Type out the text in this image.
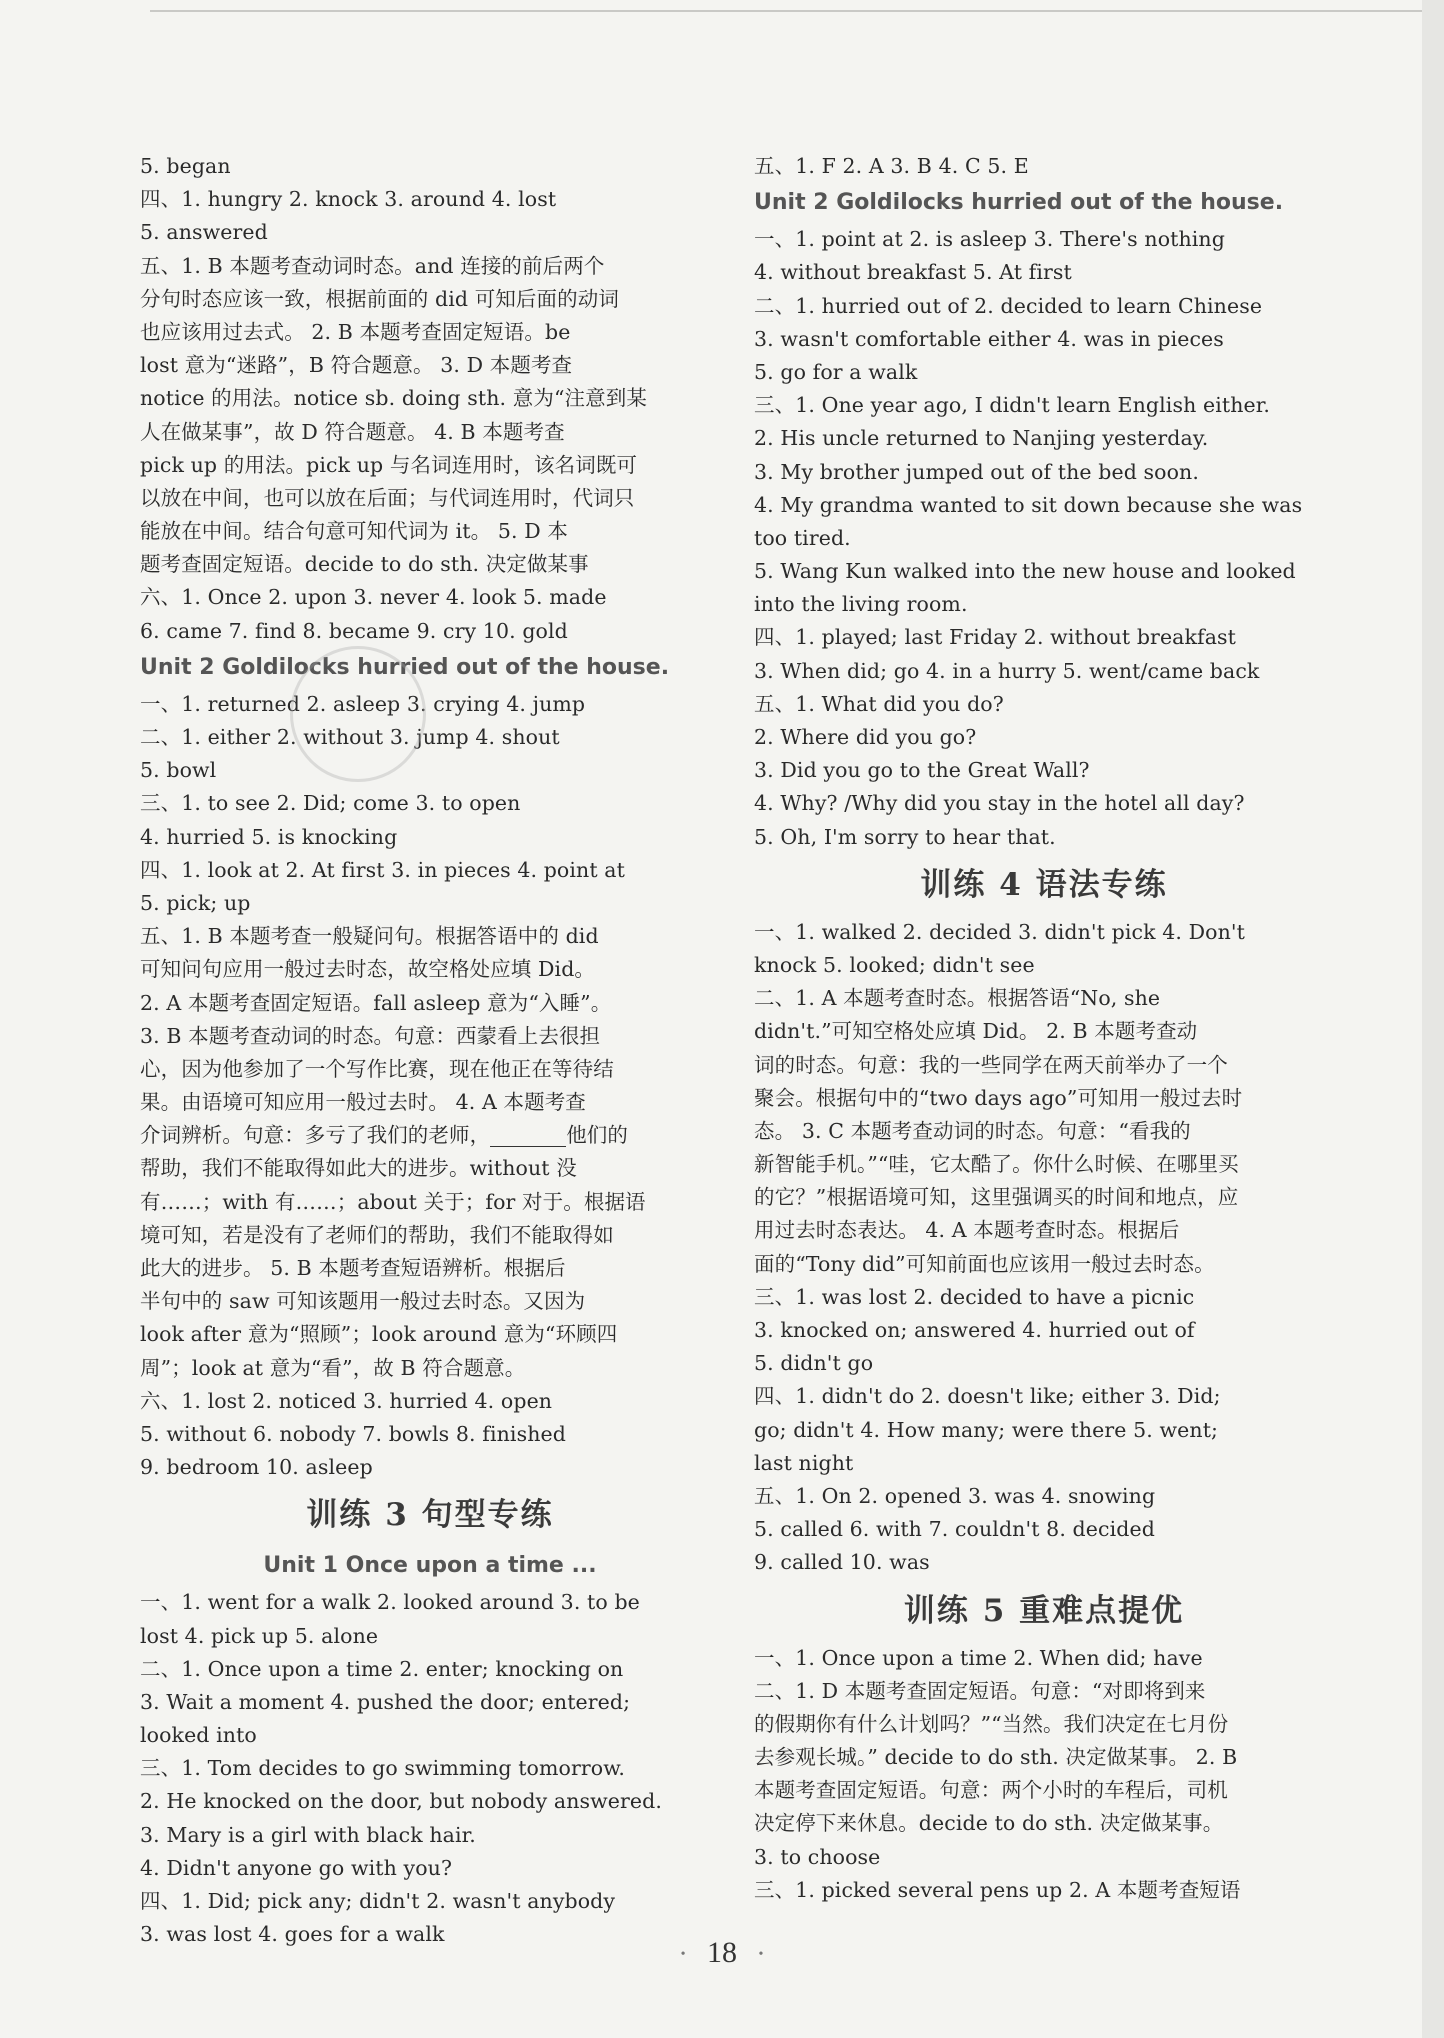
5. began
四、1. hungry 2. knock 3. around 4. lost
5. answered
五、1. B 本题考查动词时态。and 连接的前后两个
分句时态应该一致，根据前面的 did 可知后面的动词
也应该用过去式。 2. B 本题考查固定短语。be
lost 意为“迷路”，B 符合题意。 3. D 本题考查
notice 的用法。notice sb. doing sth. 意为“注意到某
人在做某事”，故 D 符合题意。 4. B 本题考查
pick up 的用法。pick up 与名词连用时，该名词既可
以放在中间，也可以放在后面；与代词连用时，代词只
能放在中间。结合句意可知代词为 it。 5. D 本
题考查固定短语。decide to do sth. 决定做某事
六、1. Once 2. upon 3. never 4. look 5. made
6. came 7. find 8. became 9. cry 10. gold
Unit 2 Goldilocks hurried out of the house.
一、1. returned 2. asleep 3. crying 4. jump
二、1. either 2. without 3. jump 4. shout
5. bowl
三、1. to see 2. Did; come 3. to open
4. hurried 5. is knocking
四、1. look at 2. At first 3. in pieces 4. point at
5. pick; up
五、1. B 本题考查一般疑问句。根据答语中的 did
可知问句应用一般过去时态，故空格处应填 Did。
2. A 本题考查固定短语。fall asleep 意为“入睡”。
3. B 本题考查动词的时态。句意：西蒙看上去很担
心，因为他参加了一个写作比赛，现在他正在等待结
果。由语境可知应用一般过去时。 4. A 本题考查
介词辨析。句意：多亏了我们的老师，	他们的
帮助，我们不能取得如此大的进步。without 没
有……；with 有……；about 关于；for 对于。根据语
境可知，若是没有了老师们的帮助，我们不能取得如
此大的进步。 5. B 本题考查短语辨析。根据后
半句中的 saw 可知该题用一般过去时态。又因为
look after 意为“照顾”；look around 意为“环顾四
周”；look at 意为“看”，故 B 符合题意。
六、1. lost 2. noticed 3. hurried 4. open
5. without 6. nobody 7. bowls 8. finished
9. bedroom 10. asleep
训练 3 句型专练
Unit 1 Once upon a time ...
一、1. went for a walk 2. looked around 3. to be
lost 4. pick up 5. alone
二、1. Once upon a time 2. enter; knocking on
3. Wait a moment 4. pushed the door; entered;
looked into
三、1. Tom decides to go swimming tomorrow.
2. He knocked on the door, but nobody answered.
3. Mary is a girl with black hair.
4. Didn't anyone go with you?
四、1. Did; pick any; didn't 2. wasn't anybody
3. was lost 4. goes for a walk
五、1. F 2. A 3. B 4. C 5. E
Unit 2 Goldilocks hurried out of the house.
一、1. point at 2. is asleep 3. There's nothing
4. without breakfast 5. At first
二、1. hurried out of 2. decided to learn Chinese
3. wasn't comfortable either 4. was in pieces
5. go for a walk
三、1. One year ago, I didn't learn English either.
2. His uncle returned to Nanjing yesterday.
3. My brother jumped out of the bed soon.
4. My grandma wanted to sit down because she was
too tired.
5. Wang Kun walked into the new house and looked
into the living room.
四、1. played; last Friday 2. without breakfast
3. When did; go 4. in a hurry 5. went/came back
五、1. What did you do?
2. Where did you go?
3. Did you go to the Great Wall?
4. Why? /Why did you stay in the hotel all day?
5. Oh, I'm sorry to hear that.
训练 4 语法专练
一、1. walked 2. decided 3. didn't pick 4. Don't
knock 5. looked; didn't see
二、1. A 本题考查时态。根据答语“No, she
didn't.”可知空格处应填 Did。 2. B 本题考查动
词的时态。句意：我的一些同学在两天前举办了一个
聚会。根据句中的“two days ago”可知用一般过去时
态。 3. C 本题考查动词的时态。句意：“看我的
新智能手机。”“哇，它太酷了。你什么时候、在哪里买
的它？”根据语境可知，这里强调买的时间和地点，应
用过去时态表达。 4. A 本题考查时态。根据后
面的“Tony did”可知前面也应该用一般过去时态。
三、1. was lost 2. decided to have a picnic
3. knocked on; answered 4. hurried out of
5. didn't go
四、1. didn't do 2. doesn't like; either 3. Did;
go; didn't 4. How many; were there 5. went;
last night
五、1. On 2. opened 3. was 4. snowing
5. called 6. with 7. couldn't 8. decided
9. called 10. was
训练 5 重难点提优
一、1. Once upon a time 2. When did; have
二、1. D 本题考查固定短语。句意：“对即将到来
的假期你有什么计划吗？”“当然。我们决定在七月份
去参观长城。” decide to do sth. 决定做某事。 2. B
本题考查固定短语。句意：两个小时的车程后，司机
决定停下来休息。decide to do sth. 决定做某事。
3. to choose
三、1. picked several pens up 2. A 本题考查短语
• 18 •
